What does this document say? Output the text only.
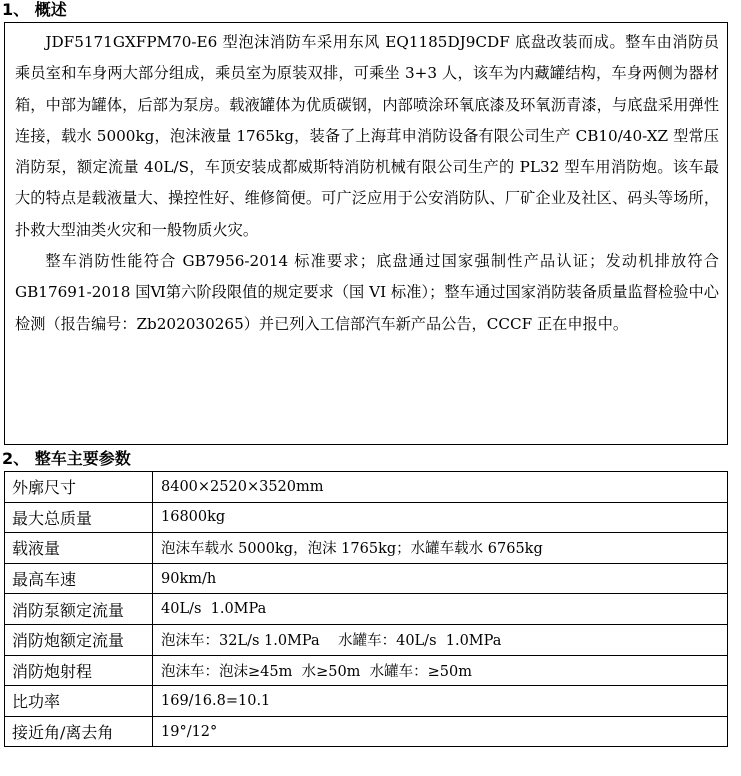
1、 概述

JDF5171GXFPM70-E6 型泡沫消防车采用东风 EQ1185DJ9CDF 底盘改装而成。整车由消防员乘员室和车身两大部分组成，乘员室为原装双排，可乘坐 3+3 人，该车为内藏罐结构，车身两侧为器材箱，中部为罐体，后部为泵房。载液罐体为优质碳钢，内部喷涂环氧底漆及环氧沥青漆，与底盘采用弹性连接，载水 5000kg，泡沫液量 1765kg，装备了上海茸申消防设备有限公司生产 CB10/40-XZ 型常压消防泵，额定流量 40L/S，车顶安装成都威斯特消防机械有限公司生产的 PL32 型车用消防炮。该车最大的特点是载液量大、操控性好、维修简便。可广泛应用于公安消防队、厂矿企业及社区、码头等场所，扑救大型油类火灾和一般物质火灾。

整车消防性能符合 GB7956-2014 标准要求；底盘通过国家强制性产品认证；发动机排放符合 GB17691-2018 国Ⅵ第六阶段限值的规定要求（国 VI 标准）；整车通过国家消防装备质量监督检验中心检测（报告编号：Zb202030265）并已列入工信部汽车新产品公告，CCCF 正在申报中。

2、 整车主要参数
外廓尺寸	8400×2520×3520mm
最大总质量	16800kg
载液量	泡沫车载水 5000kg，泡沫 1765kg；水罐车载水 6765kg
最高车速	90km/h
消防泵额定流量	40L/s  1.0MPa
消防炮额定流量	泡沫车：32L/s 1.0MPa    水罐车：40L/s  1.0MPa
消防炮射程	泡沫车：泡沫≥45m  水≥50m  水罐车：≥50m
比功率	169/16.8=10.1
接近角/离去角	19°/12°
